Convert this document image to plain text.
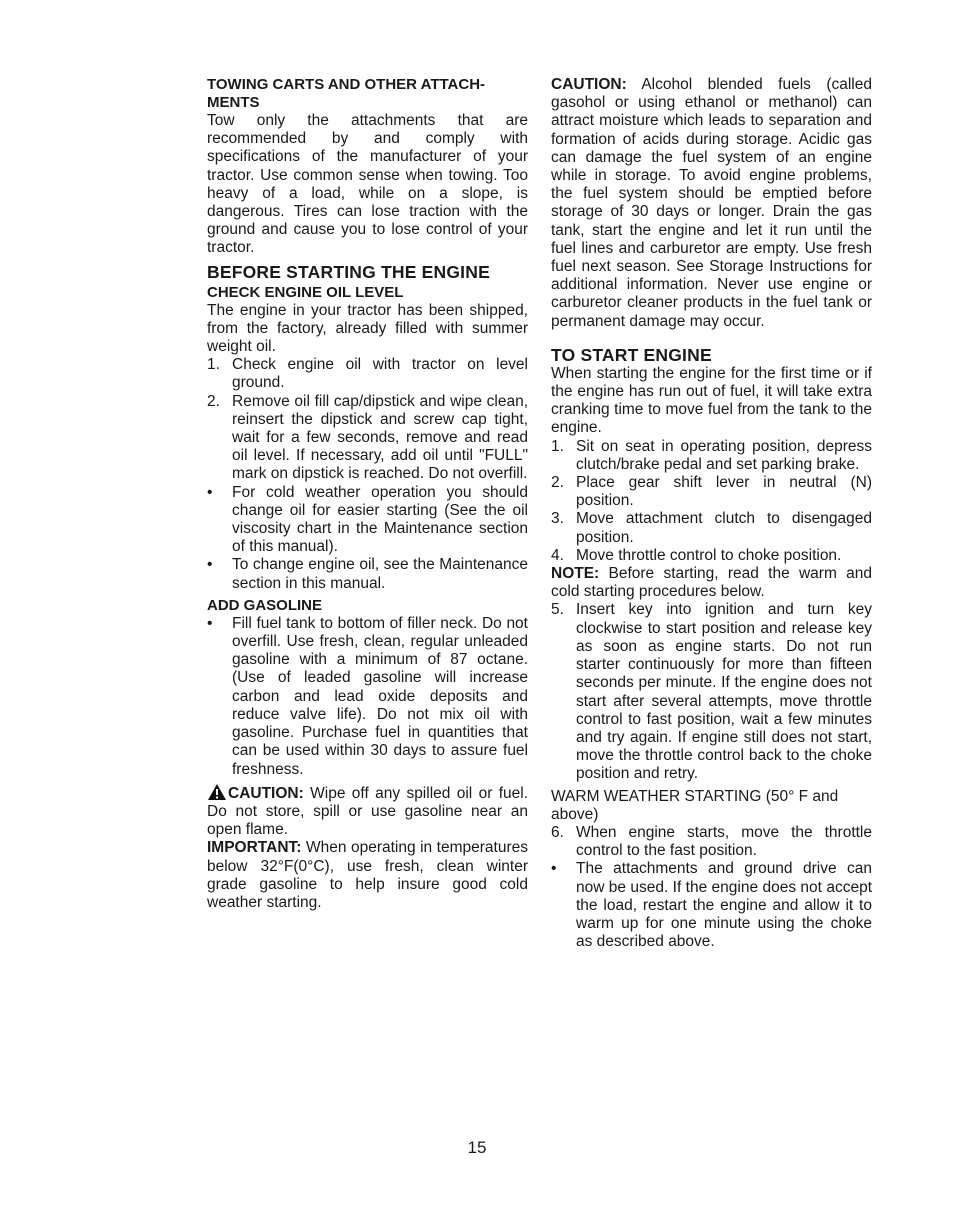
TOWING CARTS AND OTHER ATTACH-MENTS

Tow only the attachments that are recommended by and comply with specifications of the manufacturer of your tractor. Use common sense when towing. Too heavy of a load, while on a slope, is dangerous. Tires can lose traction with the ground and cause you to lose control of your tractor.

BEFORE STARTING THE ENGINE

CHECK ENGINE OIL LEVEL

The engine in your tractor has been shipped, from the factory, already filled with summer weight oil.

1. Check engine oil with tractor on level ground.
2. Remove oil fill cap/dipstick and wipe clean, reinsert the dipstick and screw cap tight, wait for a few seconds, remove and read oil level. If necessary, add oil until "FULL" mark on dipstick is reached. Do not overfill.
•	For cold weather operation you should change oil for easier starting (See the oil viscosity chart in the Maintenance section of this manual).
•	To change engine oil, see the Maintenance section in this manual.

ADD GASOLINE

•	Fill fuel tank to bottom of filler neck. Do not overfill. Use fresh, clean, regular unleaded gasoline with a minimum of 87 octane. (Use of leaded gasoline will increase carbon and lead oxide deposits and reduce valve life). Do not mix oil with gasoline. Purchase fuel in quantities that can be used within 30 days to assure fuel freshness.

CAUTION: Wipe off any spilled oil or fuel. Do not store, spill or use gasoline near an open flame.

IMPORTANT: When operating in temperatures below 32°F(0°C), use fresh, clean winter grade gasoline to help insure good cold weather starting.

CAUTION: Alcohol blended fuels (called gasohol or using ethanol or methanol) can attract moisture which leads to separation and formation of acids during storage. Acidic gas can damage the fuel system of an engine while in storage. To avoid engine problems, the fuel system should be emptied before storage of 30 days or longer. Drain the gas tank, start the engine and let it run until the fuel lines and carburetor are empty. Use fresh fuel next season. See Storage Instructions for additional information. Never use engine or carburetor cleaner products in the fuel tank or permanent damage may occur.

TO START ENGINE

When starting the engine for the first time or if the engine has run out of fuel, it will take extra cranking time to move fuel from the tank to the engine.

1. Sit on seat in operating position, depress clutch/brake pedal and set parking brake.
2. Place gear shift lever in neutral (N) position.
3. Move attachment clutch to disengaged position.
4. Move throttle control to choke position.

NOTE: Before starting, read the warm and cold starting procedures below.

5. Insert key into ignition and turn key clockwise to start position and release key as soon as engine starts. Do not run starter continuously for more than fifteen seconds per minute. If the engine does not start after several attempts, move throttle control to fast position, wait a few minutes and try again. If engine still does not start, move the throttle control back to the choke position and retry.

WARM WEATHER STARTING (50° F and above)

6. When engine starts, move the throttle control to the fast position.
•	The attachments and ground drive can now be used. If the engine does not accept the load, restart the engine and allow it to warm up for one minute using the choke as described above.
15
